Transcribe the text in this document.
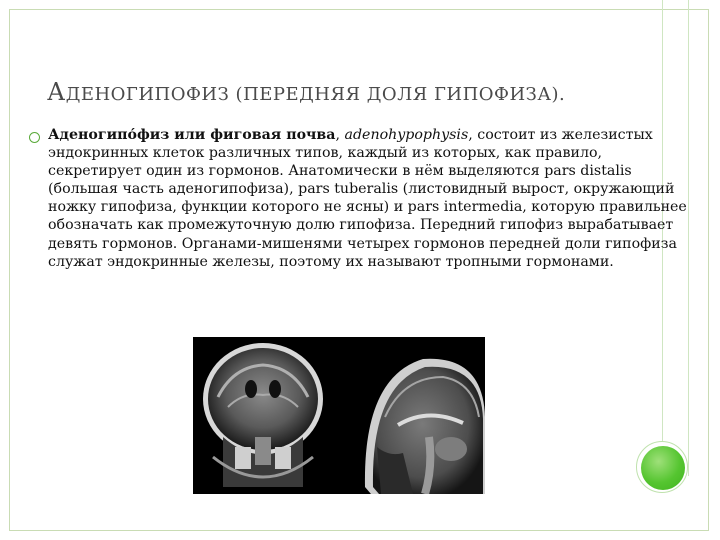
АДЕНОГИПОФИЗ (ПЕРЕДНЯЯ ДОЛЯ ГИПОФИЗА).
Аденогипо́физ или фиговая почва, adenohypophysis, состоит из железистых эндокринных клеток различных типов, каждый из которых, как правило, секретирует один из гормонов. Анатомически в нём выделяются pars distalis (большая часть аденогипофиза), pars tuberalis (листовидный вырост, окружающий ножку гипофиза, функции которого не ясны) и pars intermedia, которую правильнее обозначать как промежуточную долю гипофиза. Передний гипофиз вырабатывает девять гормонов. Органами-мишенями четырех гормонов передней доли гипофиза служат эндокринные железы, поэтому их называют тропными гормонами.
